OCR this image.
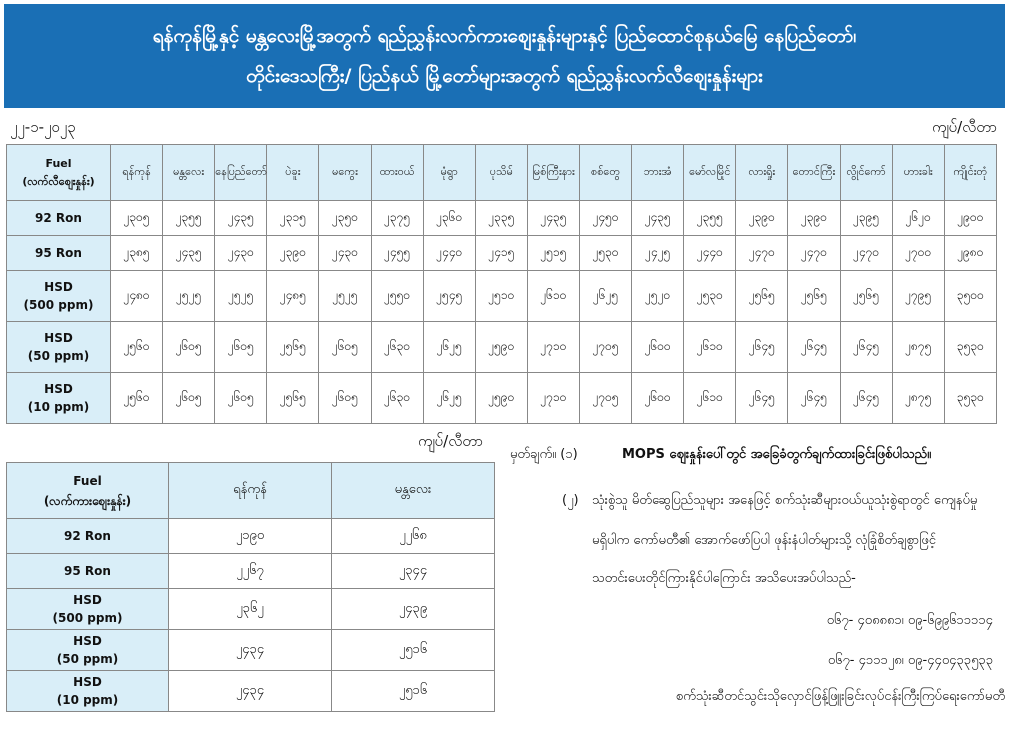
ရန်ကုန်မြို့နှင့် မန္တလေးမြို့အတွက် ရည်ညွှန်းလက်ကားစျေးနှုန်းများနှင့် ပြည်ထောင်စုနယ်မြေ နေပြည်တော်၊
တိုင်းဒေသကြီး/ ပြည်နယ် မြို့တော်များအတွက် ရည်ညွှန်းလက်လီစျေးနှုန်းများ
၂၂-၁-၂၀၂၃	ကျပ်/လီတာ
Fuel
(လက်လီစျေးနှုန်း)	ရန်ကုန်	မန္တလေး	နေပြည်တော်	ပဲခူး	မကွေး	ထားဝယ်	မုံရွာ	ပုသိမ်	မြစ်ကြီးနား	စစ်တွေ	ဘားအံ	မော်လမြိုင်	လားရှိုး	တောင်ကြီး	လွိုင်ကော်	ဟားခါး	ကျိုင်းတုံ
92 Ron	၂၃၀၅	၂၃၅၅	၂၄၃၅	၂၃၁၅	၂၃၅၀	၂၃၇၅	၂၃၆၀	၂၃၃၅	၂၄၃၅	၂၄၅၀	၂၄၃၅	၂၃၅၅	၂၃၉၀	၂၃၉၀	၂၃၉၅	၂၆၂၀	၂၉၀၀
95 Ron	၂၃၈၅	၂၄၃၅	၂၄၃၀	၂၃၉၀	၂၄၃၀	၂၄၅၅	၂၄၄၀	၂၄၁၅	၂၅၁၅	၂၅၃၀	၂၄၂၅	၂၄၄၀	၂၄၇၀	၂၄၇၀	၂၄၇၀	၂၇၀၀	၂၉၈၀
HSD
(500 ppm)	၂၄၈၀	၂၅၂၅	၂၅၂၅	၂၄၈၅	၂၅၂၅	၂၅၅၀	၂၅၄၅	၂၅၁၀	၂၆၁၀	၂၆၂၅	၂၅၂၀	၂၅၃၀	၂၅၆၅	၂၅၆၅	၂၅၆၅	၂၇၉၅	၃၅၀၀
HSD
(50 ppm)	၂၅၆၀	၂၆၀၅	၂၆၀၅	၂၅၆၅	၂၆၀၅	၂၆၃၀	၂၆၂၅	၂၅၉၀	၂၇၁၀	၂၇၀၅	၂၆၀၀	၂၆၁၀	၂၆၄၅	၂၆၄၅	၂၆၄၅	၂၈၇၅	၃၅၃၀
HSD
(10 ppm)	၂၅၆၀	၂၆၀၅	၂၆၀၅	၂၅၆၅	၂၆၀၅	၂၆၃၀	၂၆၂၅	၂၅၉၀	၂၇၁၀	၂၇၀၅	၂၆၀၀	၂၆၁၀	၂၆၄၅	၂၆၄၅	၂၆၄၅	၂၈၇၅	၃၅၃၀
ကျပ်/လီတာ
Fuel
(လက်ကားစျေးနှုန်း)	ရန်ကုန်	မန္တလေး
92 Ron	၂၁၉၀	၂၂၆၈
95 Ron	၂၂၆၇	၂၃၄၄
HSD
(500 ppm)	၂၃၆၂	၂၄၃၉
HSD
(50 ppm)	၂၄၃၄	၂၅၁၆
HSD
(10 ppm)	၂၄၃၄	၂၅၁၆

မှတ်ချက်။ (၁)	MOPS စျေးနှုန်းပေါ်တွင် အခြေခံတွက်ချက်ထားခြင်းဖြစ်ပါသည်။

(၂) သုံးစွဲသူ မိတ်ဆွေပြည်သူများ အနေဖြင့် စက်သုံးဆီများဝယ်ယူသုံးစွဲရာတွင် ကျေနပ်မှု

မရှိပါက ကော်မတီ၏ အောက်ဖော်ပြပါ ဖုန်းနံပါတ်များသို့ လုံခြုံစိတ်ချစွာဖြင့်

သတင်းပေးတိုင်ကြားနိုင်ပါကြောင်း အသိပေးအပ်ပါသည်-

၀၆၇- ၄၀၈၈၈၁၊ ၀၉-၆၉၉၆၁၁၁၁၄

၀၆၇- ၄၁၁၁၂၈၊ ၀၉-၄၄၀၄၃၃၅၃၃

စက်သုံးဆီတင်သွင်းသိုလှောင်ဖြန့်ဖြူးခြင်းလုပ်ငန်းကြီးကြပ်ရေးကော်မတီ
